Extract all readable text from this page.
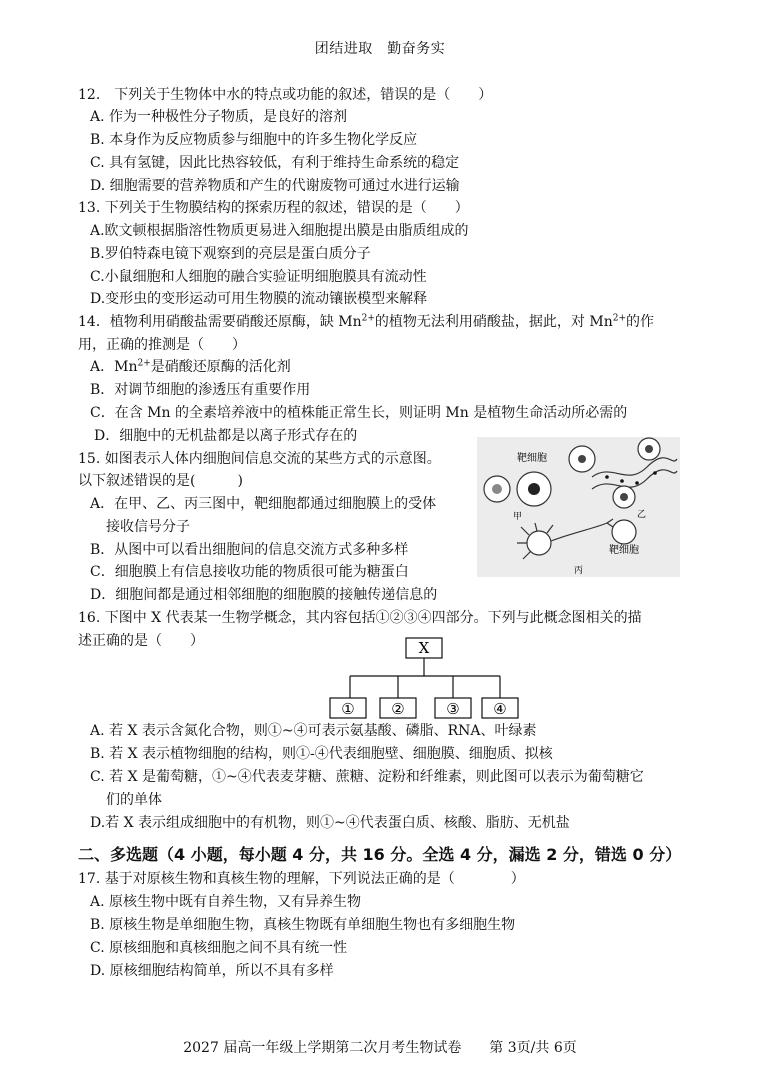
团结进取　勤奋务实
12.　下列关于生物体中水的特点或功能的叙述，错误的是（　　）
A. 作为一种极性分子物质，是良好的溶剂
B. 本身作为反应物质参与细胞中的许多生物化学反应
C. 具有氢键，因此比热容较低，有利于维持生命系统的稳定
D. 细胞需要的营养物质和产生的代谢废物可通过水进行运输
13. 下列关于生物膜结构的探索历程的叙述，错误的是（　　）
A.欧文顿根据脂溶性物质更易进入细胞提出膜是由脂质组成的
B.罗伯特森电镜下观察到的亮层是蛋白质分子
C.小鼠细胞和人细胞的融合实验证明细胞膜具有流动性
D.变形虫的变形运动可用生物膜的流动镶嵌模型来解释
14．植物利用硝酸盐需要硝酸还原酶，缺 $Mn^{2+}$的植物无法利用硝酸盐，据此，对 $Mn^{2+}$的作
用，正确的推测是（　　）
A．$Mn^{2+}$是硝酸还原酶的活化剂
B．对调节细胞的渗透压有重要作用
C．在含 Mn 的全素培养液中的植株能正常生长，则证明 Mn 是植物生命活动所必需的
D．细胞中的无机盐都是以离子形式存在的
15. 如图表示人体内细胞间信息交流的某些方式的示意图。
以下叙述错误的是(　　　)
A．在甲、乙、丙三图中，靶细胞都通过细胞膜上的受体
接收信号分子
B．从图中可以看出细胞间的信息交流方式多种多样
C．细胞膜上有信息接收功能的物质很可能为糖蛋白
D．细胞间都是通过相邻细胞的细胞膜的接触传递信息的
靶细胞
甲	乙
靶细胞
丙
16. 下图中 X 代表某一生物学概念，其内容包括①②③④四部分。下列与此概念图相关的描
述正确的是（　　）	X
① ②	③ ④
A. 若 X 表示含氮化合物，则①~④可表示氨基酸、磷脂、RNA、叶绿素
B. 若 X 表示植物细胞的结构，则①-④代表细胞壁、细胞膜、细胞质、拟核
C. 若 X 是葡萄糖，①~④代表麦芽糖、蔗糖、淀粉和纤维素，则此图可以表示为葡萄糖它
们的单体
D.若 X 表示组成细胞中的有机物，则①~④代表蛋白质、核酸、脂肪、无机盐
二、多选题（4 小题，每小题 4 分，共 16 分。全选 4 分，漏选 2 分，错选 0 分）
17. 基于对原核生物和真核生物的理解，下列说法正确的是（　　　　）
A. 原核生物中既有自养生物，又有异养生物
B. 原核生物是单细胞生物，真核生物既有单细胞生物也有多细胞生物
C. 原核细胞和真核细胞之间不具有统一性
D. 原核细胞结构简单，所以不具有多样
2027 届高一年级上学期第二次月考生物试卷　　第 3页/共 6页
